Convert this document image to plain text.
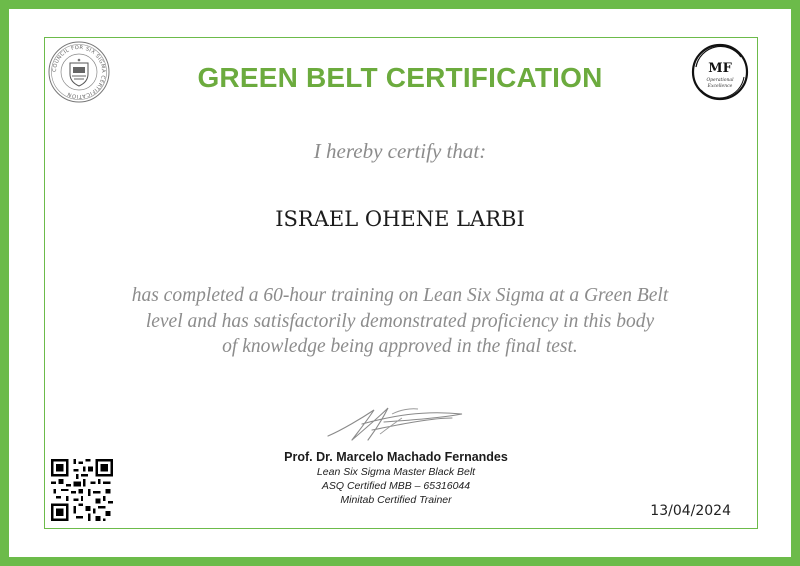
COUNCIL FOR SIX SIGMA CERTIFICATION
GREEN BELT CERTIFICATION	MF
Operational
Excellence
I hereby certify that:
ISRAEL OHENE LARBI
has completed a 60-hour training on Lean Six Sigma at a Green Belt
level and has satisfactorily demonstrated proficiency in this body
of knowledge being approved in the final test.
Prof. Dr. Marcelo Machado Fernandes
Lean Six Sigma Master Black Belt
ASQ Certified MBB – 65316044
Minitab Certified Trainer
13/04/2024
